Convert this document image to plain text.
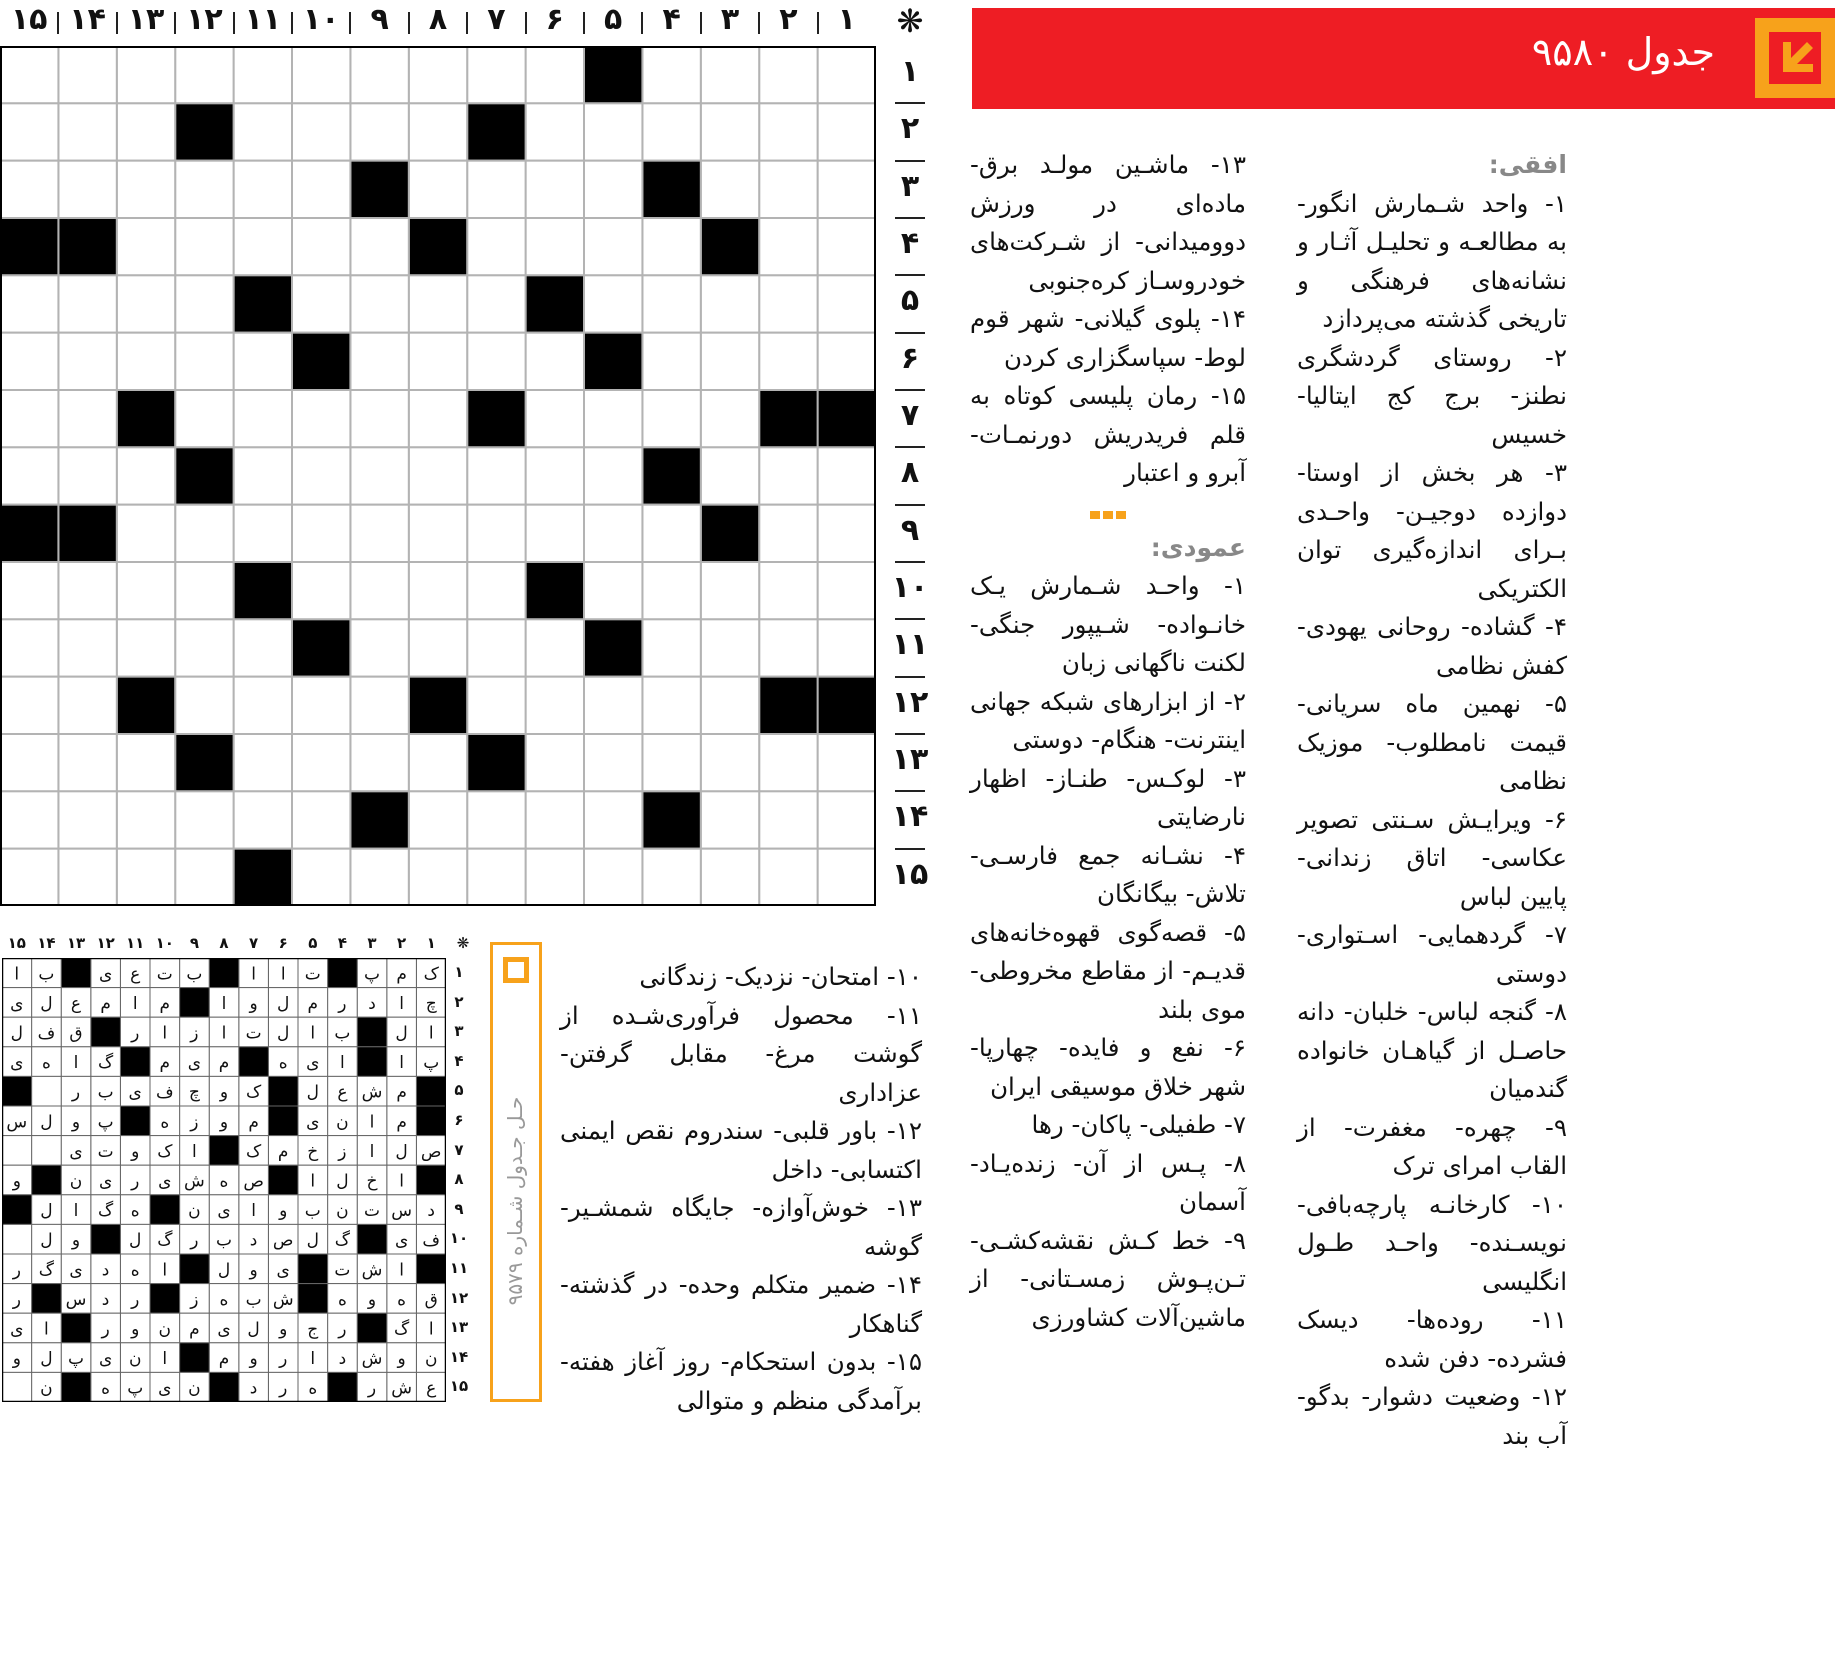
۱
۲
۳
۴
۵
۶
۷
۸
۹
۱۰
۱۱
۱۲
۱۳
۱۴
۱۵	❋
۱
۲
۳
۴
۵
۶
۷
۸
۹
۱۰
۱۱
۱۲
۱۳
۱۴
۱۵
جدول ۹۵۸۰

افقی:

۱- واحد شـمارش انگور- به مطالعـه و تحلیـل آثـار و نشانه‌های فرهنگی و تاریخی گذشته می‌پردازد

۲- روستای گردشگری نطنز- برج کج ایتالیا- خسیس

۳- هر بخش از اوستا- دوازده دوجیـن- واحـدی بـرای اندازه‌گیری توان الکتریکی

۴- گشاده- روحانی یهودی- کفش نظامی

۵- نهمین ماه سریانی- قیمت نامطلوب- موزیک نظامی

۶- ویرایـش سـنتی تصویر عکاسی- اتاق زندانی- پایین لباس

۷- گردهمایی- اسـتواری- دوستی

۸- گنجه لباس- خلبان- دانه حاصـل از گیاهـان خانواده گندمیان

۹- چهره- مغفرت- از القاب امرای ترک

۱۰- کارخانـه پارچه‌بافی- نویسـنده- واحـد طـول انگلیسی

۱۱- روده‌ها- دیسک فشرده- دفن شده

۱۲- وضعیت دشوار- بدگو- آب بند

۱۳- ماشـین مولـد برق- ماده‌ای در ورزش دووميدانی- از شـرکت‌های خودروسـاز کره‌جنوبی

۱۴- پلوی گیلانی- شهر قوم لوط- سپاسگزاری کردن

۱۵- رمان پلیسی کوتاه به قلم فریدریش دورنمـات- آبرو و اعتبار

عمودی:

۱- واحـد شـمارش یـک خانـواده- شـیپور جنگی- لکنت ناگهانی زبان

۲- از ابزارهای شبکه جهانی اینترنت- هنگام- دوستی

۳- لوکـس- طنـاز- اظهار نارضایتی

۴- نشـانه جمع فارسـی- تلاش- بیگانگان

۵- قصه‌گوی قهوه‌خانه‌های قدیـم- از مقاطع مخروطی- موی بلند

۶- نفع و فایده- چهارپا- شهر خلاق موسیقی ایران

۷- طفیلی- پاکان- رها

۸- پـس از آن- زنده‌یـاد- آسمان

۹- خط کـش نقشه‌کشـی- تـن‌پـوش زمسـتانی- از ماشین‌آلات کشاورزی

۱۰- امتحان- نزدیک- زندگانی

۱۱- محصول فرآوری‌شـده از گوشت مرغ- مقابل گرفتن- عزاداری

۱۲- باور قلبی- سندروم نقص ایمنی اکتسابی- داخل

۱۳- خوش‌آوازه- جایگاه شمشـیر- گوشه

۱۴- ضمیر متکلم وحده- در گذشته- گناهکار

۱۵- بدون استحکام- روز آغاز هفته- برآمدگی منظم و متوالی

حـل جـدول شـماره ۹۵۷۹
۱
۲
۳
۴
۵
۶
۷
۸
۹
۱۰
۱۱
۱۲
۱۳
۱۴
۱۵	❋
ک
م
پ
ت
ا
ا
ب
ت
ع
ی
ب
ا
چ
ا
د
ر
م
ل
و
ا
م
ا
م
ع
ل
ی
ا
ل
ب
ا
ل
ت
ا
ز
ا
ر
ق
ف
ل
پ
ا
ا
ی
ه
م
ی
م
گ
ا
ه
ی
م
ش
ع
ل
ک
و
چ
ف
ی
ب
ر
م
ا
ن
ی
م
و
ز
ه
پ
و
ل
س
ص
ل
ا
ز
خ
م
ک
ا
ک
و
ت
ی
ا
خ
ل
ا
ص
ه
ش
ی
ر
ی
ن
و
د
س
ت
ن
ب
و
ا
ی
ن
ه
گ
ا
ل
ف
ی
گ
ل
ص
د
ب
ر
گ
ل
و
ل
ا
ش
ت
ی
و
ل
ا
ه
د
ی
گ
ر
ق
ه
و
ه
ش
ب
ه
ز
ر
د
س
ر
ا
گ
ر
ج
و
ل
ی
م
ن
و
ر
ا
ی
ن
و
ش
د
ا
ر
و
م
ا
ن
ی
پ
ل
و
ع
ش
ر
ه
ر
د
ن
ی
پ
ه
ن
۱
۲
۳
۴
۵
۶
۷
۸
۹
۱۰
۱۱
۱۲
۱۳
۱۴
۱۵
